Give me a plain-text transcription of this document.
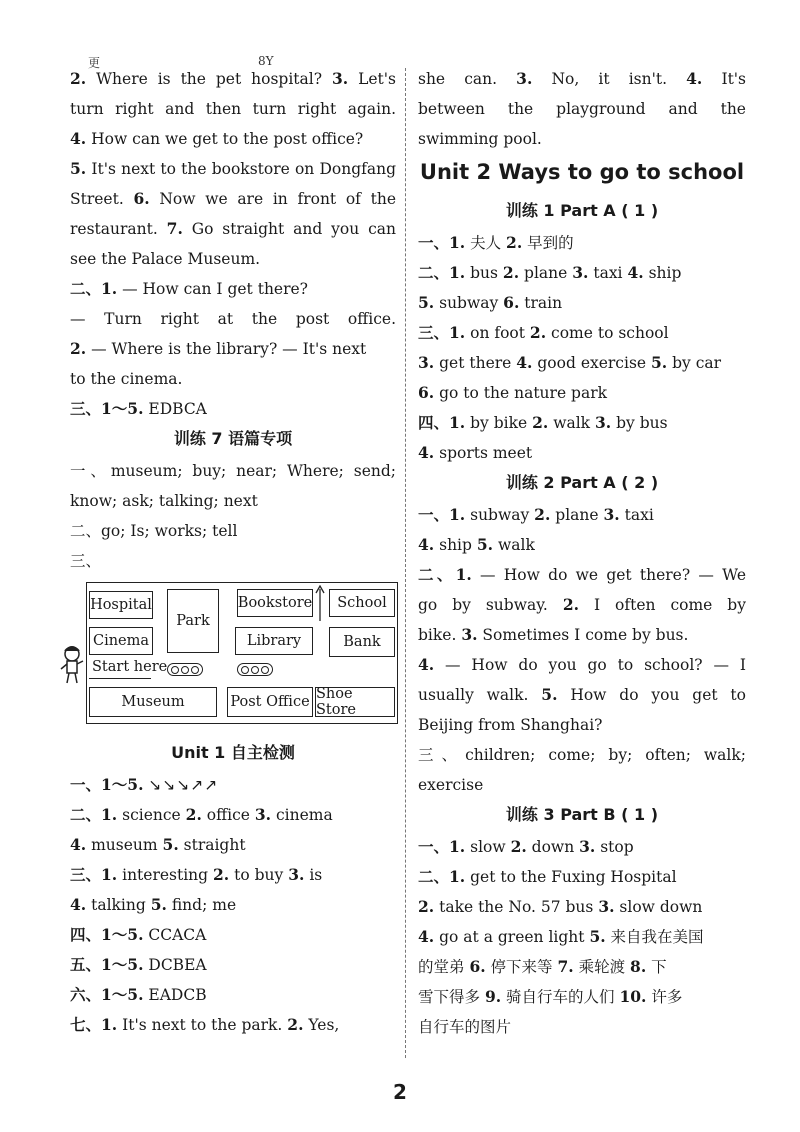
更	8Y
2. Where is the pet hospital? 3. Let's
turn right and then turn right again.
4. How can we get to the post office?
5. It's next to the bookstore on Dongfang
Street. 6. Now we are in front of the
restaurant. 7. Go straight and you can
see the Palace Museum.
二、1. — How can I get there?
— Turn right at the post office.
2. — Where is the library? — It's next
to the cinema.
三、1～5. EDBCA
训练 7 语篇专项
一、museum; buy; near; Where; send;
know; ask; talking; next
二、go; Is; works; tell
三、
Hospital
Park
Bookstore	School
Cinema	Library	Bank
Start here
Museum	Post Office Shoe Store
Unit 1 自主检测
一、1～5. ↘↘↘↗↗
二、1. science 2. office 3. cinema
4. museum 5. straight
三、1. interesting 2. to buy 3. is
4. talking 5. find; me
四、1～5. CCACA
五、1～5. DCBEA
六、1～5. EADCB
七、1. It's next to the park. 2. Yes,
she can. 3. No, it isn't. 4. It's
between the playground and the
swimming pool.
Unit 2 Ways to go to school
训练 1 Part A ( 1 )
一、1. 夫人 2. 早到的
二、1. bus 2. plane 3. taxi 4. ship
5. subway 6. train
三、1. on foot 2. come to school
3. get there 4. good exercise 5. by car
6. go to the nature park
四、1. by bike 2. walk 3. by bus
4. sports meet
训练 2 Part A ( 2 )
一、1. subway 2. plane 3. taxi
4. ship 5. walk
二、1. — How do we get there? — We
go by subway. 2. I often come by
bike. 3. Sometimes I come by bus.
4. — How do you go to school? — I
usually walk. 5. How do you get to
Beijing from Shanghai?
三、children; come; by; often; walk;
exercise
训练 3 Part B ( 1 )
一、1. slow 2. down 3. stop
二、1. get to the Fuxing Hospital
2. take the No. 57 bus 3. slow down
4. go at a green light 5. 来自我在美国
的堂弟 6. 停下来等 7. 乘轮渡 8. 下
雪下得多 9. 骑自行车的人们 10. 许多
自行车的图片
2
